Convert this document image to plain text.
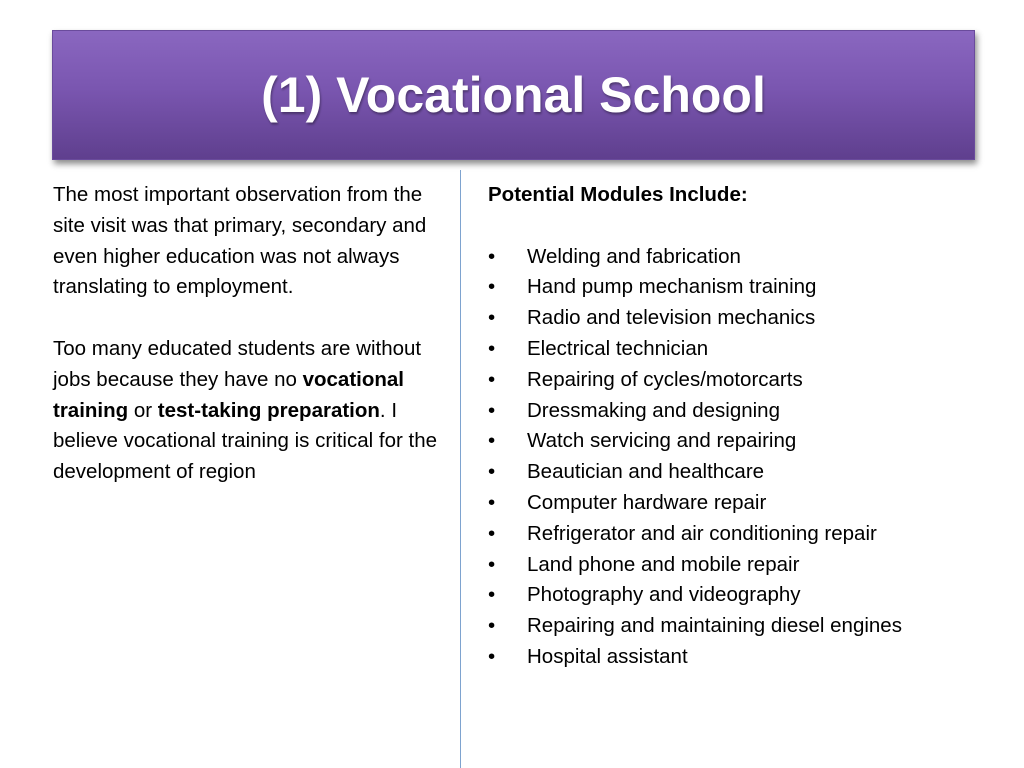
(1) Vocational School

The most important observation from the site visit was that primary, secondary and even higher education was not always translating to employment.

Too many educated students are without jobs because they have no vocational training or test-taking preparation. I believe vocational training is critical for the development of region

Potential Modules Include:

• Welding and fabrication
• Hand pump mechanism training
• Radio and television mechanics
• Electrical technician
• Repairing of cycles/motorcarts
• Dressmaking and designing
• Watch servicing and repairing
• Beautician and healthcare
• Computer hardware repair
• Refrigerator and air conditioning repair
• Land phone and mobile repair
• Photography and videography
• Repairing and maintaining diesel engines
• Hospital assistant
